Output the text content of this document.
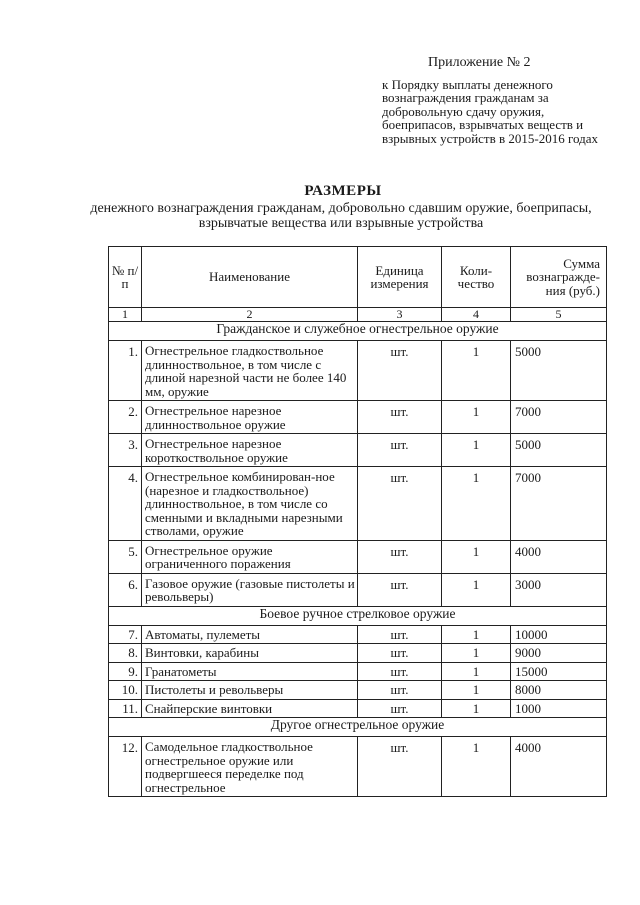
Приложение № 2
к Порядку выплаты денежного вознаграждения гражданам за добровольную сдачу оружия, боеприпасов, взрывчатых веществ и взрывных устройств в 2015-2016 годах
РАЗМЕРЫ
денежного вознаграждения гражданам, добровольно сдавшим оружие, боеприпасы, взрывчатые вещества или взрывные устройства
№ п/п	Наименование	Единица измерения	Коли-чество	Сумма вознагражде-ния (руб.)
1	2	3	4	5
Гражданское и служебное огнестрельное оружие				
1.	Огнестрельное гладкоствольное длинноствольное, в том числе с длиной нарезной части не более 140 мм, оружие	шт.	1	5000
2.	Огнестрельное нарезное длинноствольное оружие	шт.	1	7000
3.	Огнестрельное нарезное короткоствольное оружие	шт.	1	5000
4.	Огнестрельное комбинирован-ное (нарезное и гладкоствольное) длинноствольное, в том числе со сменными и вкладными нарезными стволами, оружие	шт.	1	7000
5.	Огнестрельное оружие ограниченного поражения	шт.	1	4000
6.	Газовое оружие (газовые пистолеты и револьверы)	шт.	1	3000
Боевое ручное стрелковое оружие				
7.	Автоматы, пулеметы	шт.	1	10000
8.	Винтовки, карабины	шт.	1	9000
9.	Гранатометы	шт.	1	15000
10.	Пистолеты и револьверы	шт.	1	8000
11.	Снайперские винтовки	шт.	1	1000
Другое огнестрельное оружие				
12.	Самодельное гладкоствольное огнестрельное оружие или подвергшееся переделке под огнестрельное	шт.	1	4000
